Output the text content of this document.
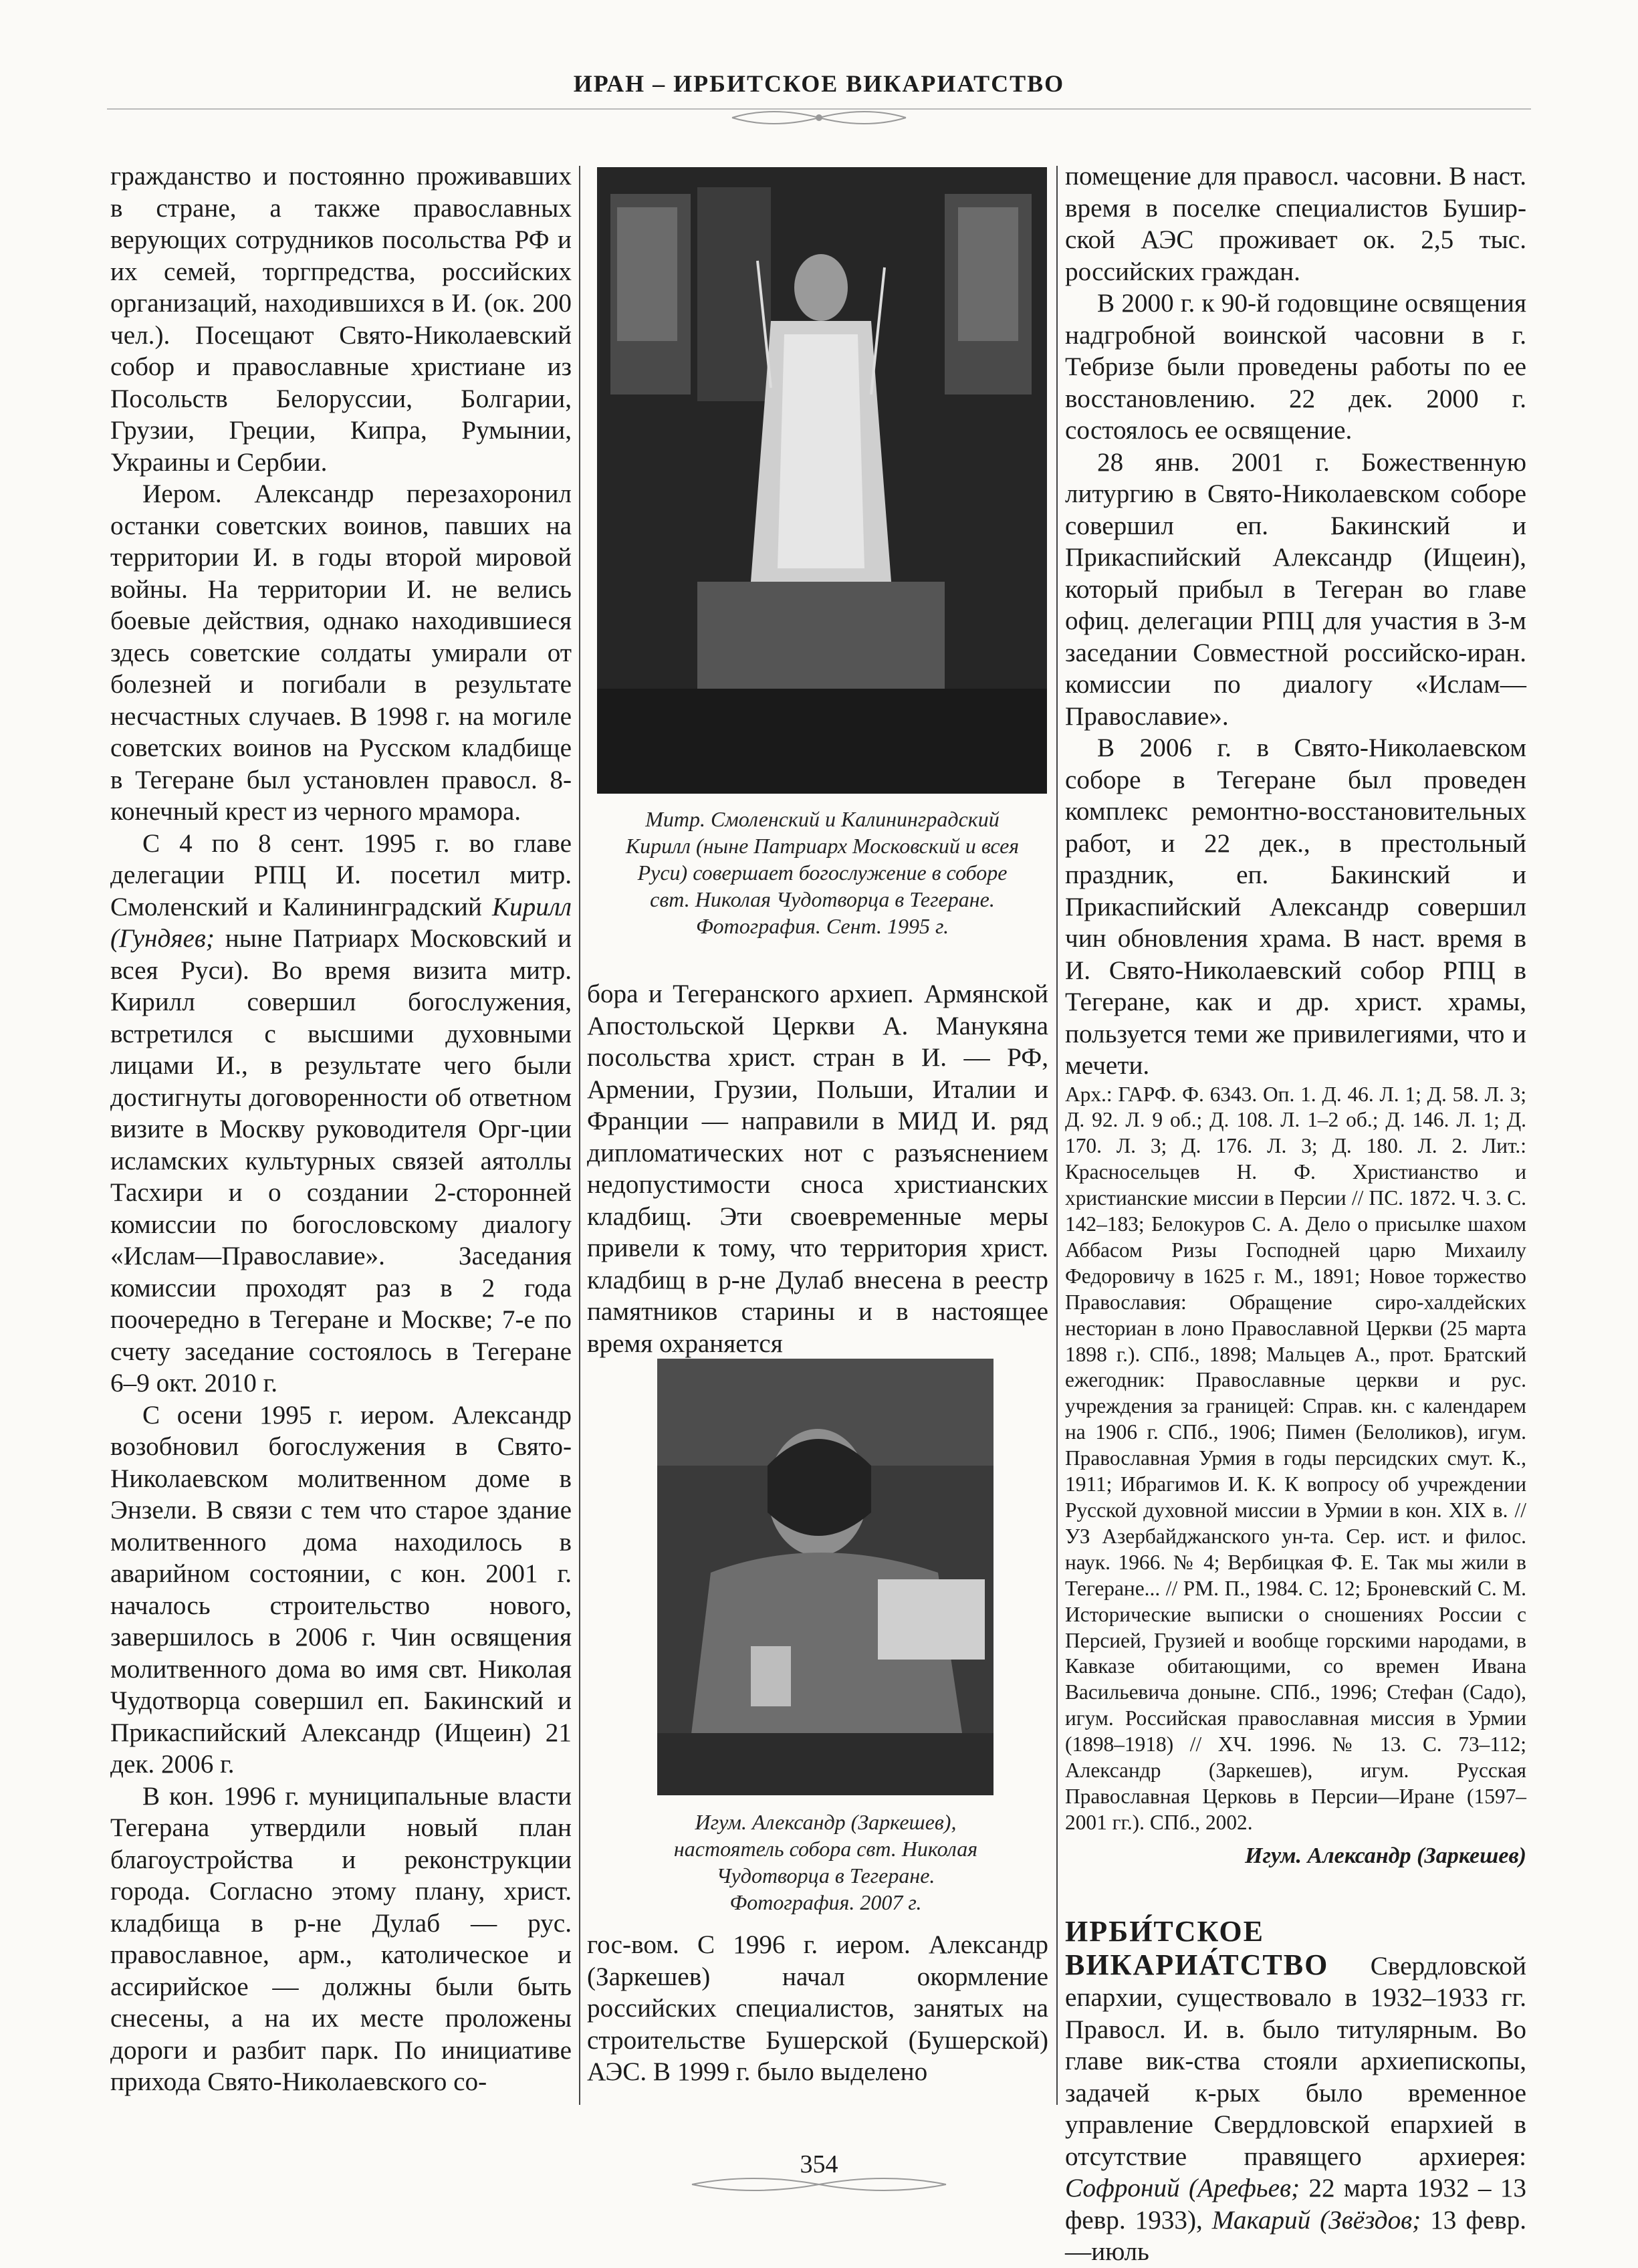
ИРАН – ИРБИТСКОЕ ВИКАРИАТСТВО

гражданство и постоянно проживавших в стране, а также православных верующих сотрудников посольства РФ и их семей, торгпредства, российских организаций, находившихся в И. (ок. 200 чел.). Посещают Свято-Николаевский собор и православные христиане из Посольств Белоруссии, Болгарии, Грузии, Греции, Кипра, Румынии, Украины и Сербии.

Иером. Александр перезахоронил останки советских воинов, павших на территории И. в годы второй мировой войны. На территории И. не велись боевые действия, однако находившиеся здесь советские солдаты умирали от болезней и погибали в результате несчастных случаев. В 1998 г. на могиле советских воинов на Русском кладбище в Тегеране был установлен правосл. 8-конечный крест из черного мрамора.

С 4 по 8 сент. 1995 г. во главе делегации РПЦ И. посетил митр. Смоленский и Калининградский Кирилл (Гундяев; ныне Патриарх Московский и всея Руси). Во время визита митр. Кирилл совершил богослужения, встретился с высшими духовными лицами И., в результате чего были достигнуты договоренности об ответном визите в Москву руководителя Орг-ции исламских культурных связей аятоллы Тасхири и о создании 2-сторонней комиссии по богословскому диалогу «Ислам—Православие». Заседания комиссии проходят раз в 2 года поочередно в Тегеране и Москве; 7-е по счету заседание состоялось в Тегеране 6–9 окт. 2010 г.

С осени 1995 г. иером. Александр возобновил богослужения в Свято-Николаевском молитвенном доме в Энзели. В связи с тем что старое здание молитвенного дома находилось в аварийном состоянии, с кон. 2001 г. началось строительство нового, завершилось в 2006 г. Чин освящения молитвенного дома во имя свт. Николая Чудотворца совершил еп. Бакинский и Прикаспийский Александр (Ищеин) 21 дек. 2006 г.

В кон. 1996 г. муниципальные власти Тегерана утвердили новый план благоустройства и реконструкции города. Согласно этому плану, христ. кладбища в р-не Дулаб — рус. православное, арм., католическое и ассирийское — должны были быть снесены, а на их месте проложены дороги и разбит парк. По инициативе прихода Свято-Николаевского со-

Митр. Смоленский и Калининградский Кирилл (ныне Патриарх Московский и всея Руси) совершает богослужение в соборе свт. Николая Чудотворца в Тегеране. Фотография. Сент. 1995 г.

бора и Тегеранского архиеп. Армянской Апостольской Церкви А. Манукяна посольства христ. стран в И. — РФ, Армении, Грузии, Польши, Италии и Франции — направили в МИД И. ряд дипломатических нот с разъяснением недопустимости сноса христианских кладбищ. Эти своевременные меры привели к тому, что территория христ. кладбищ в р-не Дулаб внесена в реестр памятников старины и в настоящее время охраняется

Игум. Александр (Заркешев), настоятель собора свт. Николая Чудотворца в Тегеране. Фотография. 2007 г.

гос-вом. С 1996 г. иером. Александр (Заркешев) начал окормление российских специалистов, занятых на строительстве Бушерской (Бушерской) АЭС. В 1999 г. было выделено

помещение для правосл. часовни. В наст. время в поселке специалистов Буширской АЭС проживает ок. 2,5 тыс. российских граждан.

В 2000 г. к 90-й годовщине освящения надгробной воинской часовни в г. Тебризе были проведены работы по ее восстановлению. 22 дек. 2000 г. состоялось ее освящение.

28 янв. 2001 г. Божественную литургию в Свято-Николаевском соборе совершил еп. Бакинский и Прикаспийский Александр (Ищеин), который прибыл в Тегеран во главе офиц. делегации РПЦ для участия в 3-м заседании Совместной российско-иран. комиссии по диалогу «Ислам—Православие».

В 2006 г. в Свято-Николаевском соборе в Тегеране был проведен комплекс ремонтно-восстановительных работ, и 22 дек., в престольный праздник, еп. Бакинский и Прикаспийский Александр совершил чин обновления храма. В наст. время в И. Свято-Николаевский собор РПЦ в Тегеране, как и др. христ. храмы, пользуется теми же привилегиями, что и мечети.

Арх.: ГАРФ. Ф. 6343. Оп. 1. Д. 46. Л. 1; Д. 58. Л. 3; Д. 92. Л. 9 об.; Д. 108. Л. 1–2 об.; Д. 146. Л. 1; Д. 170. Л. 3; Д. 176. Л. 3; Д. 180. Л. 2. Лит.: Красносельцев Н. Ф. Христианство и христианские миссии в Персии // ПС. 1872. Ч. 3. С. 142–183; Белокуров С. А. Дело о присылке шахом Аббасом Ризы Господней царю Михаилу Федоровичу в 1625 г. М., 1891; Новое торжество Православия: Обращение сиро-халдейских несториан в лоно Православной Церкви (25 марта 1898 г.). СПб., 1898; Мальцев А., прот. Братский ежегодник: Православные церкви и рус. учреждения за границей: Справ. кн. с календарем на 1906 г. СПб., 1906; Пимен (Белоликов), игум. Православная Урмия в годы персидских смут. К., 1911; Ибрагимов И. К. К вопросу об учреждении Русской духовной миссии в Урмии в кон. XIX в. // УЗ Азербайджанского ун-та. Сер. ист. и филос. наук. 1966. № 4; Вербицкая Ф. Е. Так мы жили в Тегеране... // РМ. П., 1984. С. 12; Броневский С. М. Исторические выписки о сношениях России с Персией, Грузией и вообще горскими народами, в Кавказе обитающими, со времен Ивана Васильевича доныне. СПб., 1996; Стефан (Садо), игум. Российская православная миссия в Урмии (1898–1918) // ХЧ. 1996. № 13. С. 73–112; Александр (Заркешев), игум. Русская Православная Церковь в Персии—Иране (1597–2001 гг.). СПб., 2002.

Игум. Александр (Заркешев)

ИРБИ́ТСКОЕ ВИКАРИА́ТСТВО Свердловской епархии, существовало в 1932–1933 гг. Правосл. И. в. было титулярным. Во главе вик-ства стояли архиепископы, задачей к-рых было временное управление Свердловской епархией в отсутствие правящего архиерея: Софроний (Арефьев; 22 марта 1932 – 13 февр. 1933), Макарий (Звёздов; 13 февр.—июль

354
